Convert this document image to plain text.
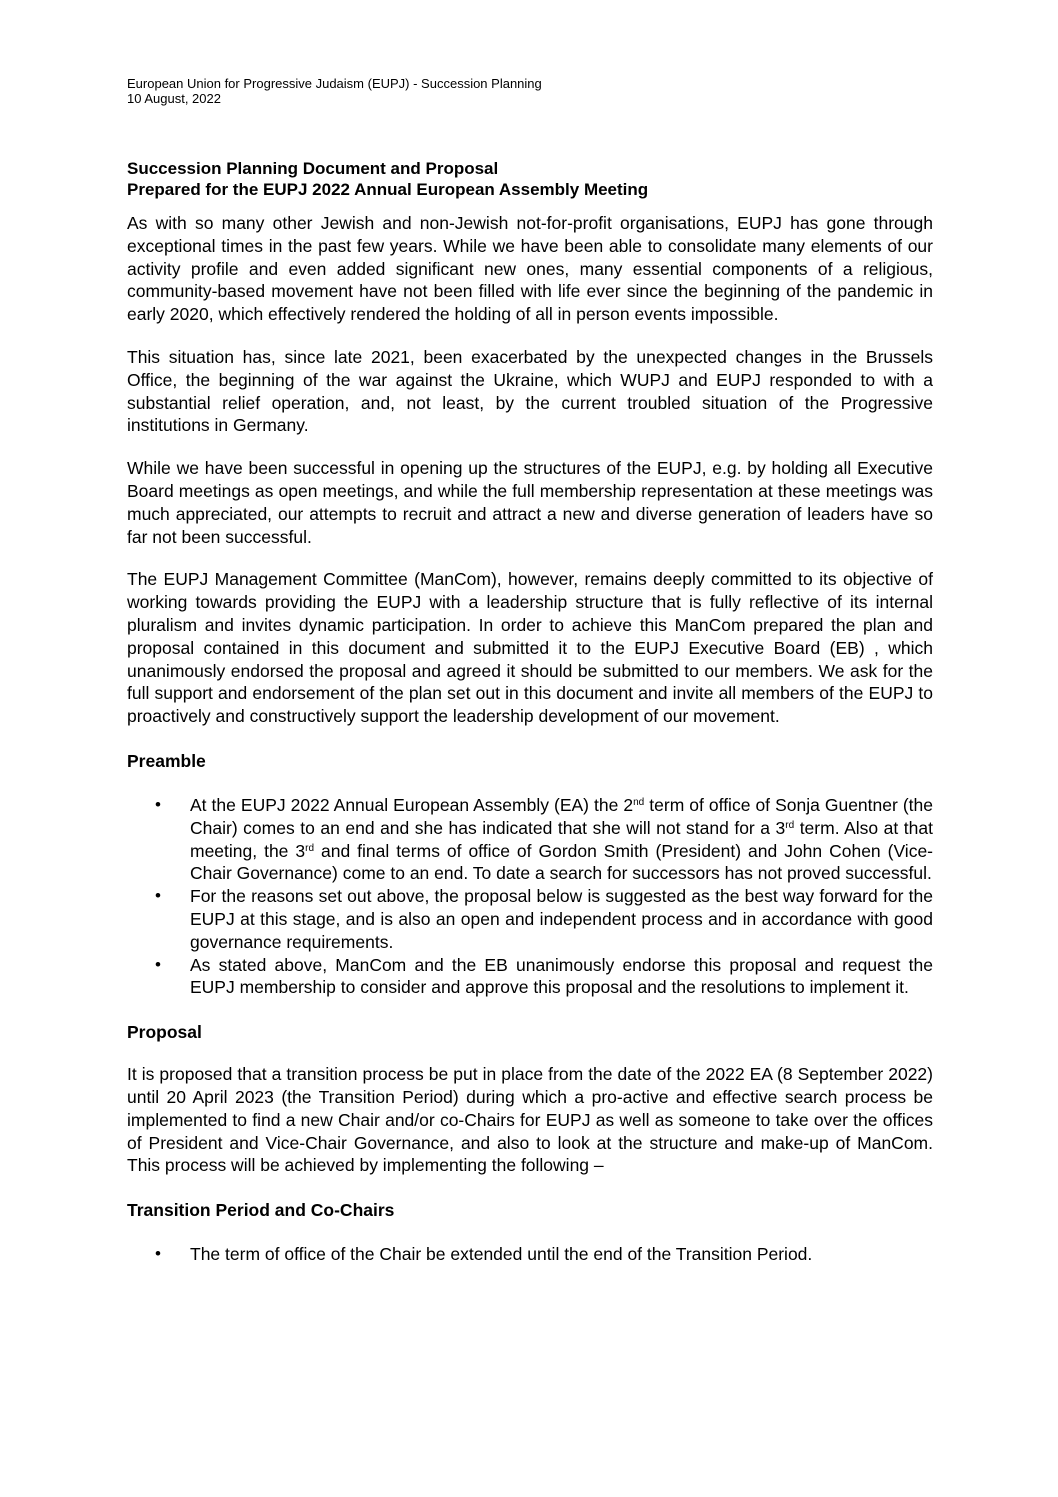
European Union for Progressive Judaism (EUPJ) - Succession Planning
10 August, 2022
Succession Planning Document and Proposal
Prepared for the EUPJ 2022 Annual European Assembly Meeting

As with so many other Jewish and non-Jewish not-for-profit organisations, EUPJ has gone through exceptional times in the past few years. While we have been able to consolidate many elements of our activity profile and even added significant new ones, many essential components of a religious, community-based movement have not been filled with life ever since the beginning of the pandemic in early 2020, which effectively rendered the holding of all in person events impossible.

This situation has, since late 2021, been exacerbated by the unexpected changes in the Brussels Office, the beginning of the war against the Ukraine, which WUPJ and EUPJ responded to with a substantial relief operation, and, not least, by the current troubled situation of the Progressive institutions in Germany.

While we have been successful in opening up the structures of the EUPJ, e.g. by holding all Executive Board meetings as open meetings, and while the full membership representation at these meetings was much appreciated, our attempts to recruit and attract a new and diverse generation of leaders have so far not been successful.

The EUPJ Management Committee (ManCom), however, remains deeply committed to its objective of working towards providing the EUPJ with a leadership structure that is fully reflective of its internal pluralism and invites dynamic participation. In order to achieve this ManCom prepared the plan and proposal contained in this document and submitted it to the EUPJ Executive Board (EB) , which unanimously endorsed the proposal and agreed it should be submitted to our members. We ask for the full support and endorsement of the plan set out in this document and invite all members of the EUPJ to proactively and constructively support the leadership development of our movement.

Preamble
• At the EUPJ 2022 Annual European Assembly (EA) the 2nd term of office of Sonja Guentner (the Chair) comes to an end and she has indicated that she will not stand for a 3rd term. Also at that meeting, the 3rd and final terms of office of Gordon Smith (President) and John Cohen (Vice-Chair Governance) come to an end. To date a search for successors has not proved successful.
• For the reasons set out above, the proposal below is suggested as the best way forward for the EUPJ at this stage, and is also an open and independent process and in accordance with good governance requirements.
• As stated above, ManCom and the EB unanimously endorse this proposal and request the EUPJ membership to consider and approve this proposal and the resolutions to implement it.
Proposal

It is proposed that a transition process be put in place from the date of the 2022 EA (8 September 2022) until 20 April 2023 (the Transition Period) during which a pro-active and effective search process be implemented to find a new Chair and/or co-Chairs for EUPJ as well as someone to take over the offices of President and Vice-Chair Governance, and also to look at the structure and make-up of ManCom. This process will be achieved by implementing the following –

Transition Period and Co-Chairs
• The term of office of the Chair be extended until the end of the Transition Period.
